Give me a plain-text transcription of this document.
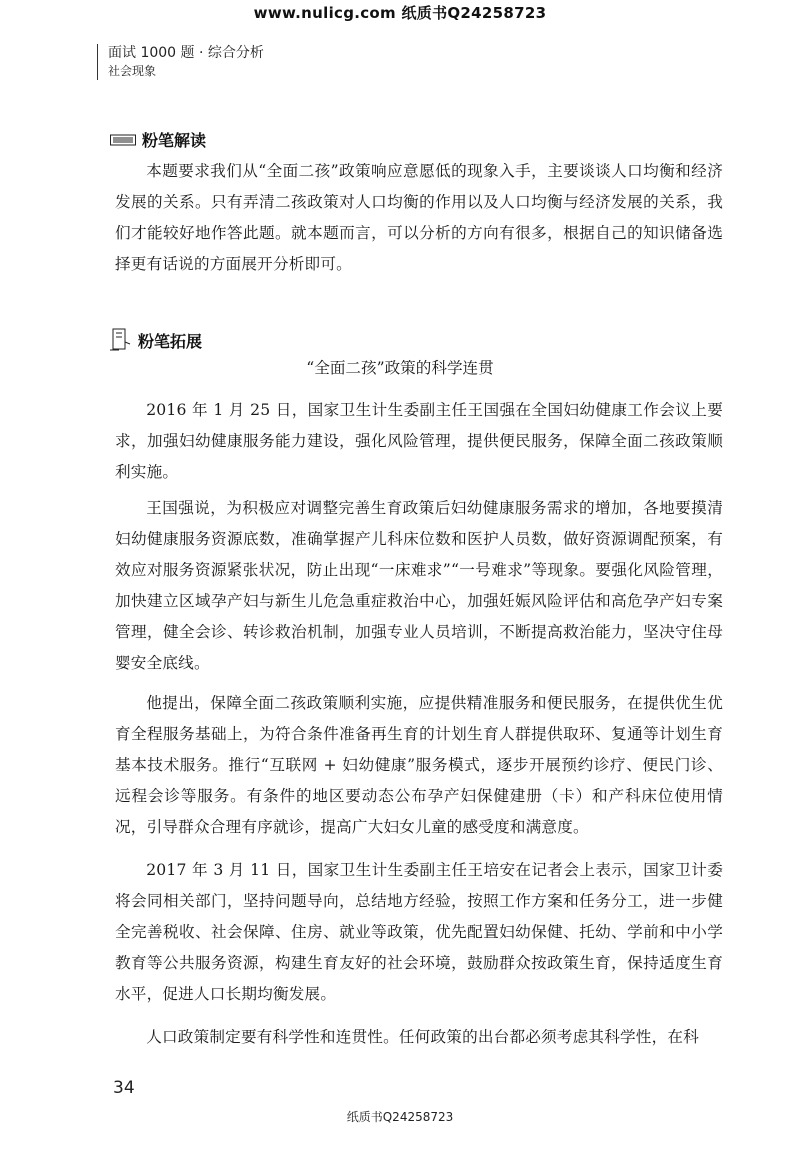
www.nulicg.com 纸质书Q24258723
面试 1000 题 · 综合分析
社会现象
粉笔解读

本题要求我们从“全面二孩”政策响应意愿低的现象入手，主要谈谈人口均衡和经济发展的关系。只有弄清二孩政策对人口均衡的作用以及人口均衡与经济发展的关系，我们才能较好地作答此题。就本题而言，可以分析的方向有很多，根据自己的知识储备选择更有话说的方面展开分析即可。

粉笔拓展
“全面二孩”政策的科学连贯

2016 年 1 月 25 日，国家卫生计生委副主任王国强在全国妇幼健康工作会议上要求，加强妇幼健康服务能力建设，强化风险管理，提供便民服务，保障全面二孩政策顺利实施。

王国强说，为积极应对调整完善生育政策后妇幼健康服务需求的增加，各地要摸清妇幼健康服务资源底数，准确掌握产儿科床位数和医护人员数，做好资源调配预案，有效应对服务资源紧张状况，防止出现“一床难求”“一号难求”等现象。要强化风险管理，加快建立区域孕产妇与新生儿危急重症救治中心，加强妊娠风险评估和高危孕产妇专案管理，健全会诊、转诊救治机制，加强专业人员培训，不断提高救治能力，坚决守住母婴安全底线。

他提出，保障全面二孩政策顺利实施，应提供精准服务和便民服务，在提供优生优育全程服务基础上，为符合条件准备再生育的计划生育人群提供取环、复通等计划生育基本技术服务。推行“互联网 + 妇幼健康”服务模式，逐步开展预约诊疗、便民门诊、远程会诊等服务。有条件的地区要动态公布孕产妇保健建册（卡）和产科床位使用情况，引导群众合理有序就诊，提高广大妇女儿童的感受度和满意度。

2017 年 3 月 11 日，国家卫生计生委副主任王培安在记者会上表示，国家卫计委将会同相关部门，坚持问题导向，总结地方经验，按照工作方案和任务分工，进一步健全完善税收、社会保障、住房、就业等政策，优先配置妇幼保健、托幼、学前和中小学教育等公共服务资源，构建生育友好的社会环境，鼓励群众按政策生育，保持适度生育水平，促进人口长期均衡发展。

人口政策制定要有科学性和连贯性。任何政策的出台都必须考虑其科学性，在科

34
纸质书Q24258723
